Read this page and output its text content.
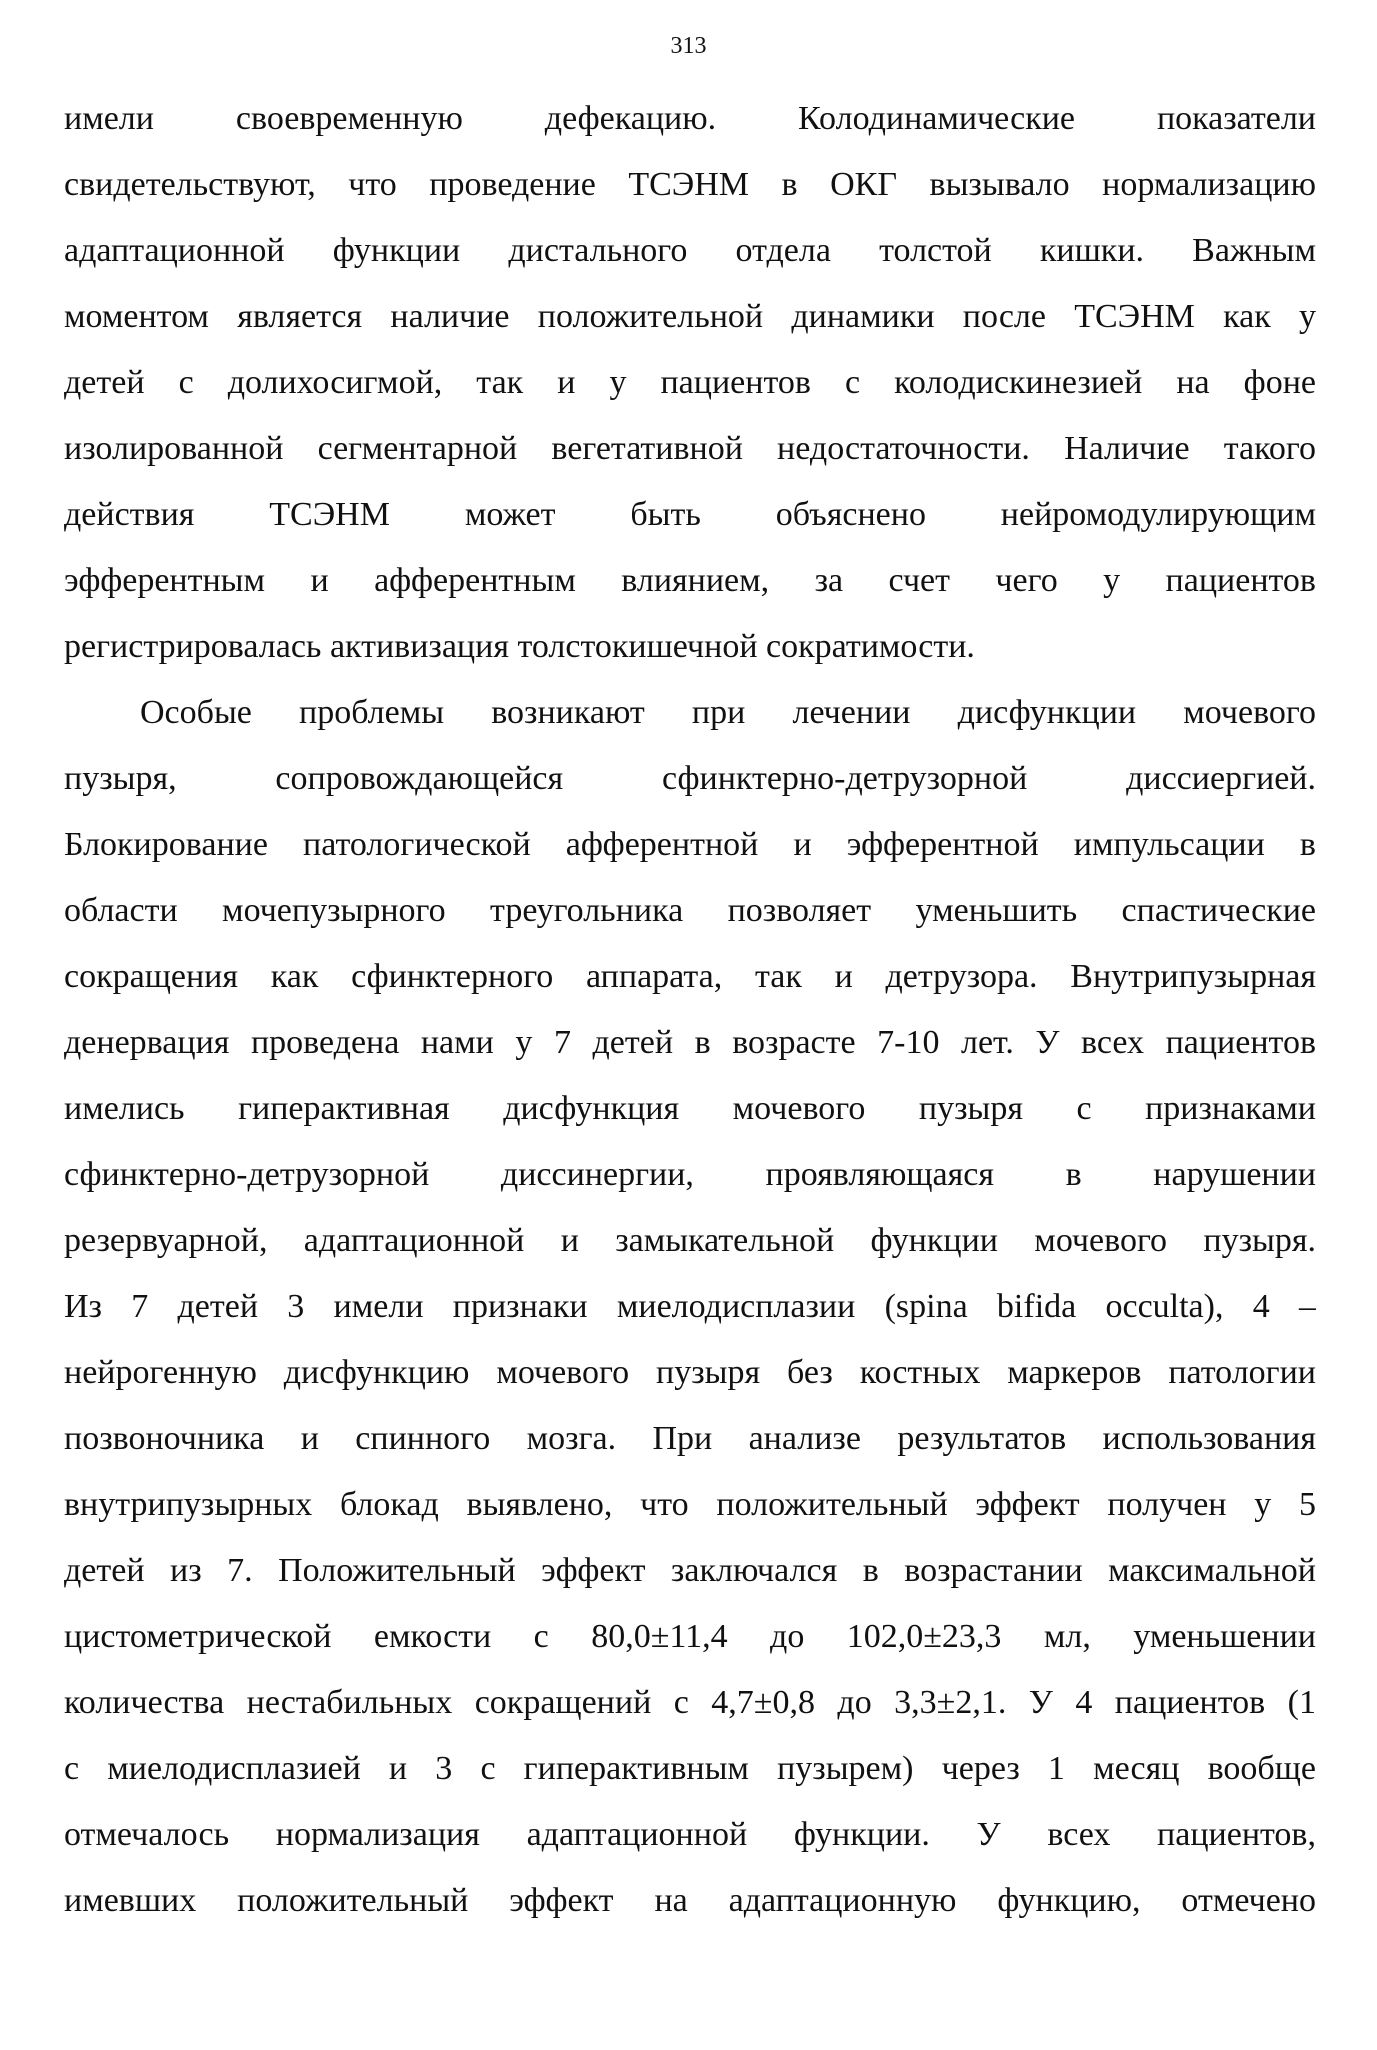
313
имели своевременную дефекацию. Колодинамические показатели
свидетельствуют, что проведение ТСЭНМ в ОКГ вызывало нормализацию
адаптационной функции дистального отдела толстой кишки. Важным
моментом является наличие положительной динамики после ТСЭНМ как у
детей с долихосигмой, так и у пациентов с колодискинезией на фоне
изолированной сегментарной вегетативной недостаточности. Наличие такого
действия ТСЭНМ может быть объяснено нейромодулирующим
эфферентным и афферентным влиянием, за счет чего у пациентов
регистрировалась активизация толстокишечной сократимости.
Особые проблемы возникают при лечении дисфункции мочевого
пузыря, сопровождающейся сфинктерно-детрузорной диссиергией.
Блокирование патологической афферентной и эфферентной импульсации в
области мочепузырного треугольника позволяет уменьшить спастические
сокращения как сфинктерного аппарата, так и детрузора. Внутрипузырная
денервация проведена нами у 7 детей в возрасте 7-10 лет. У всех пациентов
имелись гиперактивная дисфункция мочевого пузыря с признаками
сфинктерно-детрузорной диссинергии, проявляющаяся в нарушении
резервуарной, адаптационной и замыкательной функции мочевого пузыря.
Из 7 детей 3 имели признаки миелодисплазии (spina bifida occulta), 4 –
нейрогенную дисфункцию мочевого пузыря без костных маркеров патологии
позвоночника и спинного мозга. При анализе результатов использования
внутрипузырных блокад выявлено, что положительный эффект получен у 5
детей из 7. Положительный эффект заключался в возрастании максимальной
цистометрической емкости с 80,0±11,4 до 102,0±23,3 мл, уменьшении
количества нестабильных сокращений с 4,7±0,8 до 3,3±2,1. У 4 пациентов (1
с миелодисплазией и 3 с гиперактивным пузырем) через 1 месяц вообще
отмечалось нормализация адаптационной функции. У всех пациентов,
имевших положительный эффект на адаптационную функцию, отмечено
